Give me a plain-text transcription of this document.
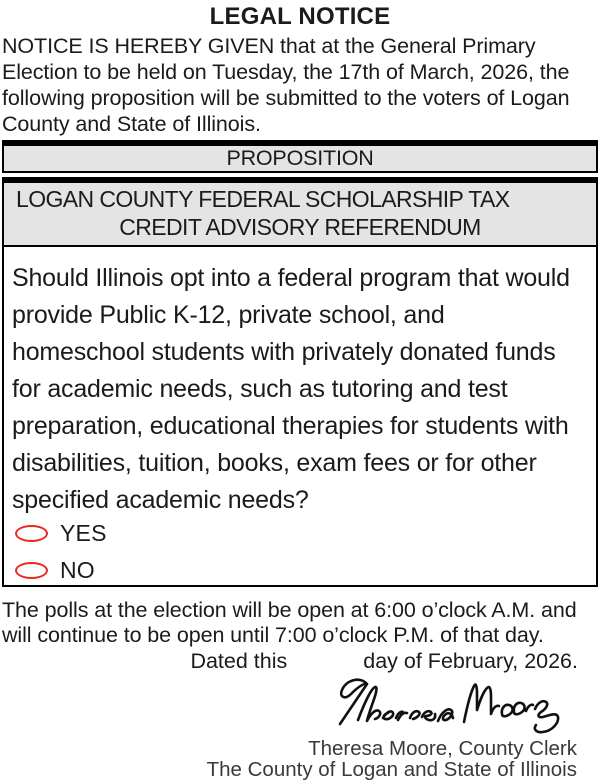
LEGAL NOTICE
NOTICE IS HEREBY GIVEN that at the General Primary
Election to be held on Tuesday, the 17th of March, 2026, the
following proposition will be submitted to the voters of Logan
County and State of Illinois.
PROPOSITION
LOGAN COUNTY FEDERAL SCHOLARSHIP TAX
CREDIT ADVISORY REFERENDUM
Should Illinois opt into a federal program that would
provide Public K-12, private school, and
homeschool students with privately donated funds
for academic needs, such as tutoring and test
preparation, educational therapies for students with
disabilities, tuition, books, exam fees or for other
specified academic needs?
YES
NO
The polls at the election will be open at 6:00 o’clock A.M. and
will continue to be open until 7:00 o’clock P.M. of that day.
Dated this	day of February, 2026.
Theresa Moore, County Clerk
The County of Logan and State of Illinois
